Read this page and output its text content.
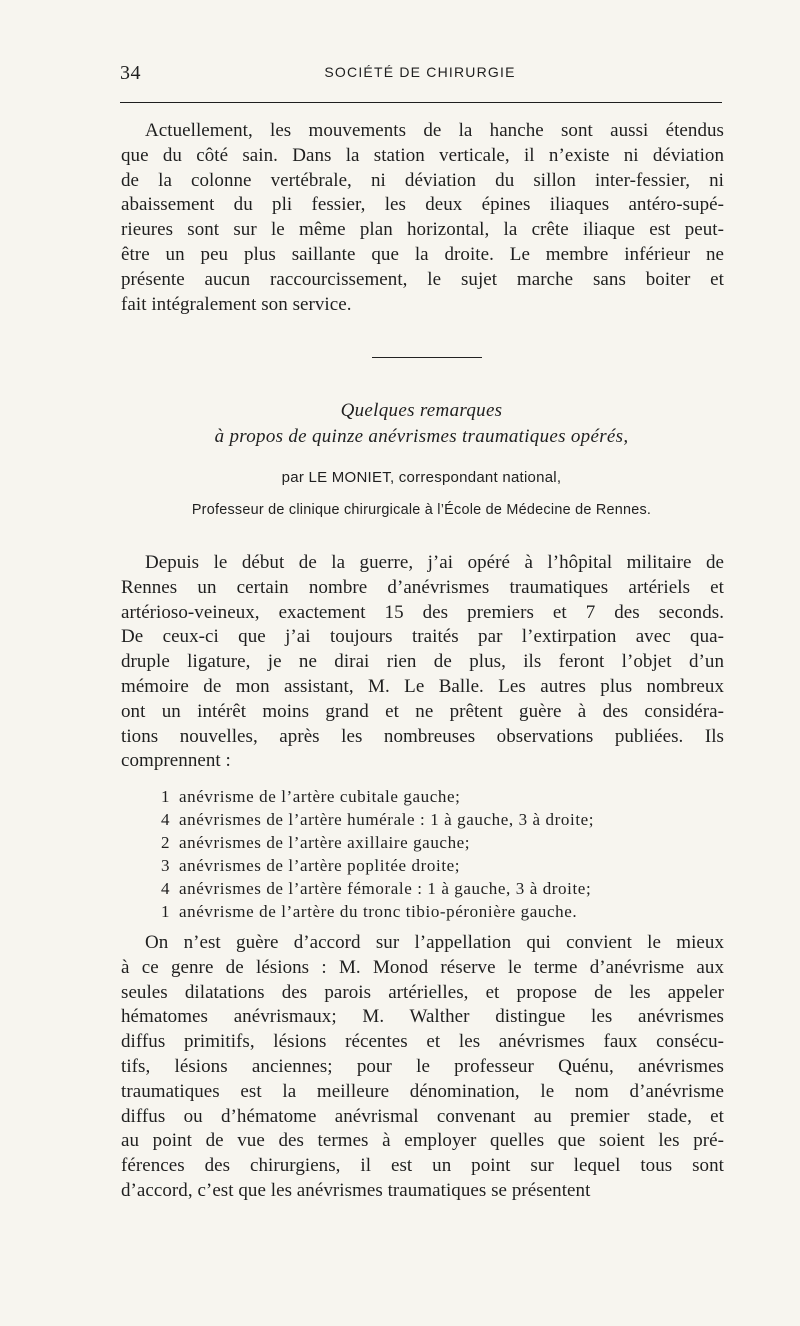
34	SOCIÉTÉ DE CHIRURGIE
Actuellement, les mouvements de la hanche sont aussi étendus
que du côté sain. Dans la station verticale, il n’existe ni déviation
de la colonne vertébrale, ni déviation du sillon inter-fessier, ni
abaissement du pli fessier, les deux épines iliaques antéro-supé-
rieures sont sur le même plan horizontal, la crête iliaque est peut-
être un peu plus saillante que la droite. Le membre inférieur ne
présente aucun raccourcissement, le sujet marche sans boiter et
fait intégralement son service.
Quelques remarques
à propos de quinze anévrismes traumatiques opérés,
par LE MONIET, correspondant national,
Professeur de clinique chirurgicale à l’École de Médecine de Rennes.
Depuis le début de la guerre, j’ai opéré à l’hôpital militaire de
Rennes un certain nombre d’anévrismes traumatiques artériels et
artérioso-veineux, exactement 15 des premiers et 7 des seconds.
De ceux-ci que j’ai toujours traités par l’extirpation avec qua-
druple ligature, je ne dirai rien de plus, ils feront l’objet d’un
mémoire de mon assistant, M. Le Balle. Les autres plus nombreux
ont un intérêt moins grand et ne prêtent guère à des considéra-
tions nouvelles, après les nombreuses observations publiées. Ils
comprennent :
1 anévrisme de l’artère cubitale gauche;
4 anévrismes de l’artère humérale : 1 à gauche, 3 à droite;
2 anévrismes de l’artère axillaire gauche;
3 anévrismes de l’artère poplitée droite;
4 anévrismes de l’artère fémorale : 1 à gauche, 3 à droite;
1 anévrisme de l’artère du tronc tibio-péronière gauche.
On n’est guère d’accord sur l’appellation qui convient le mieux
à ce genre de lésions : M. Monod réserve le terme d’anévrisme aux
seules dilatations des parois artérielles, et propose de les appeler
hématomes anévrismaux; M. Walther distingue les anévrismes
diffus primitifs, lésions récentes et les anévrismes faux consécu-
tifs, lésions anciennes; pour le professeur Quénu, anévrismes
traumatiques est la meilleure dénomination, le nom d’anévrisme
diffus ou d’hématome anévrismal convenant au premier stade, et
au point de vue des termes à employer quelles que soient les pré-
férences des chirurgiens, il est un point sur lequel tous sont
d’accord, c’est que les anévrismes traumatiques se présentent
